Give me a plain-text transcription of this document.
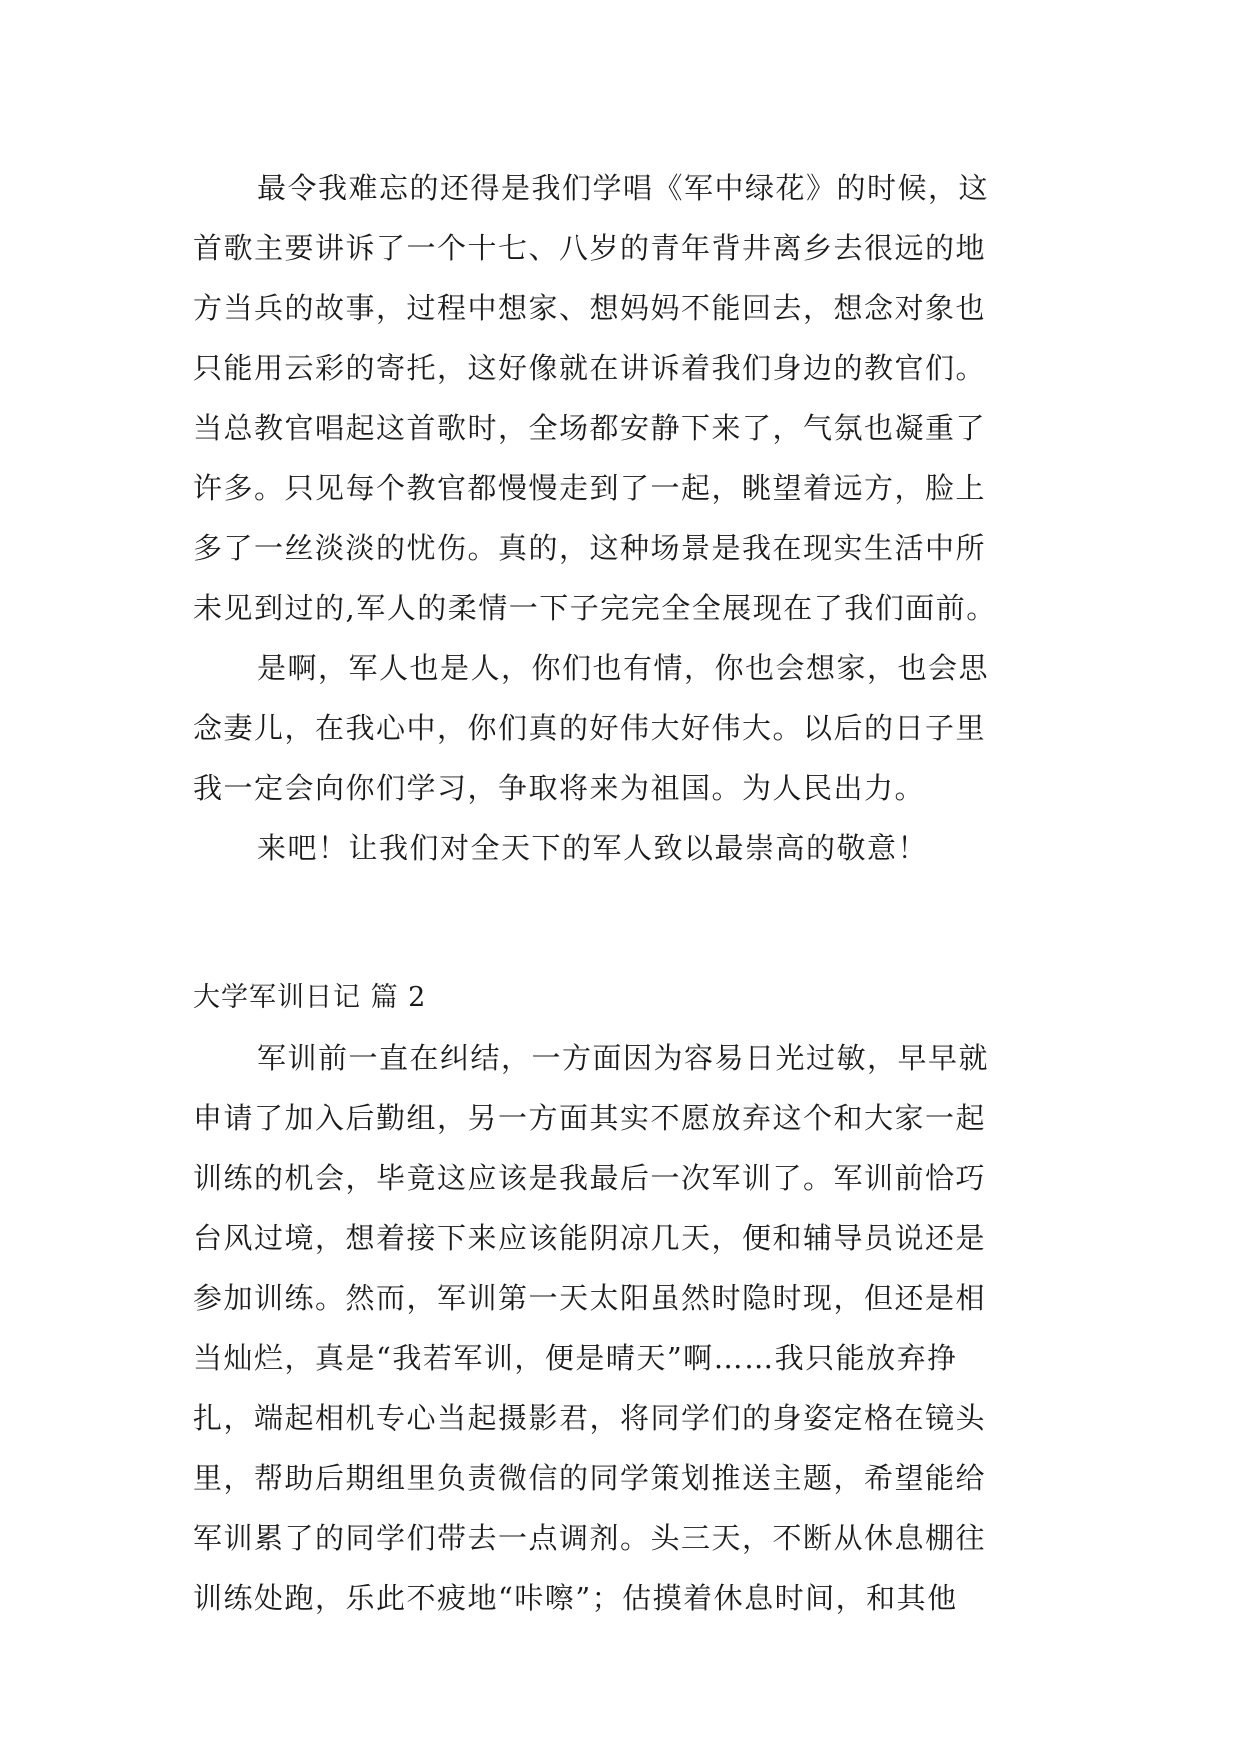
最令我难忘的还得是我们学唱《军中绿花》的时候，这
首歌主要讲诉了一个十七、八岁的青年背井离乡去很远的地
方当兵的故事，过程中想家、想妈妈不能回去，想念对象也
只能用云彩的寄托，这好像就在讲诉着我们身边的教官们。
当总教官唱起这首歌时，全场都安静下来了，气氛也凝重了
许多。只见每个教官都慢慢走到了一起，眺望着远方，脸上
多了一丝淡淡的忧伤。真的，这种场景是我在现实生活中所
未见到过的,军人的柔情一下子完完全全展现在了我们面前。
是啊，军人也是人，你们也有情，你也会想家，也会思
念妻儿，在我心中，你们真的好伟大好伟大。以后的日子里
我一定会向你们学习，争取将来为祖国。为人民出力。
来吧！让我们对全天下的军人致以最崇高的敬意！
大学军训日记 篇 2
军训前一直在纠结，一方面因为容易日光过敏，早早就
申请了加入后勤组，另一方面其实不愿放弃这个和大家一起
训练的机会，毕竟这应该是我最后一次军训了。军训前恰巧
台风过境，想着接下来应该能阴凉几天，便和辅导员说还是
参加训练。然而，军训第一天太阳虽然时隐时现，但还是相
当灿烂，真是“我若军训，便是晴天”啊……我只能放弃挣
扎，端起相机专心当起摄影君，将同学们的身姿定格在镜头
里，帮助后期组里负责微信的同学策划推送主题，希望能给
军训累了的同学们带去一点调剂。头三天，不断从休息棚往
训练处跑，乐此不疲地“咔嚓”；估摸着休息时间，和其他
